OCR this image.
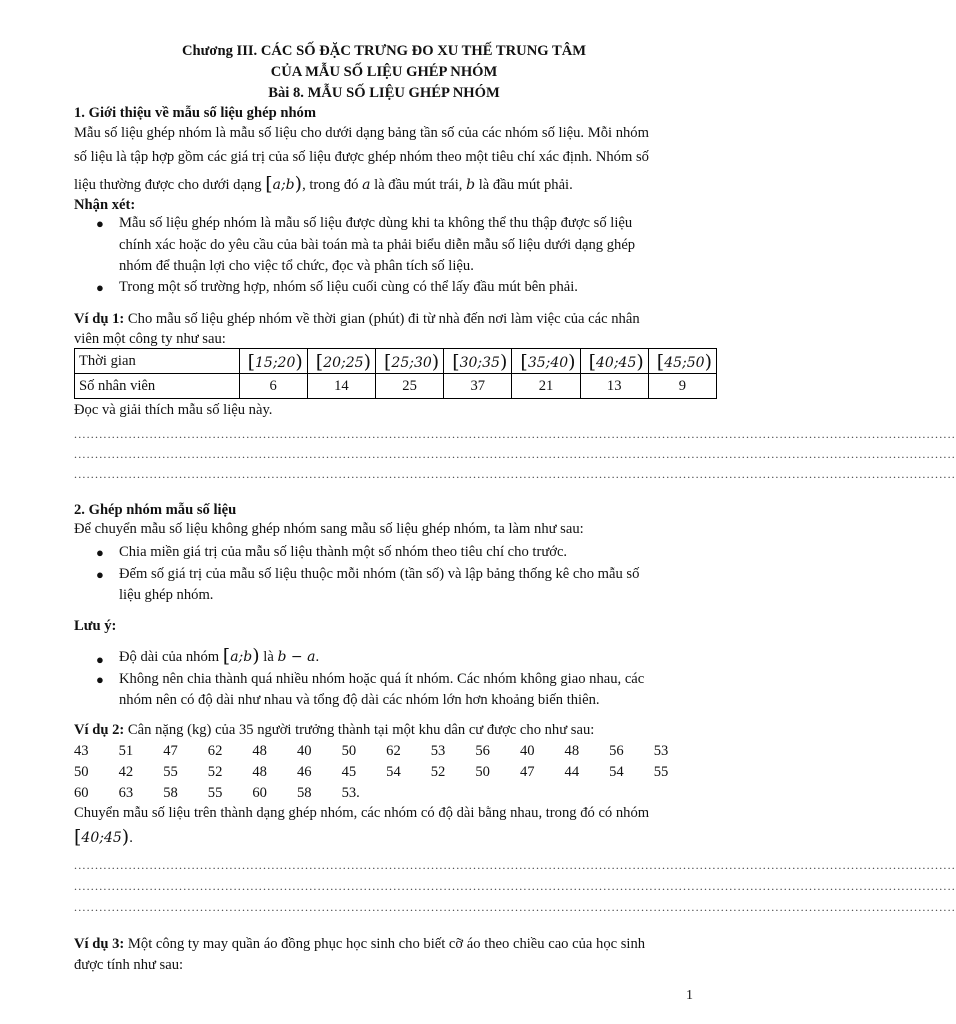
Chương III. CÁC SỐ ĐẶC TRƯNG ĐO XU THẾ TRUNG TÂM
CỦA MẪU SỐ LIỆU GHÉP NHÓM
Bài 8. MẪU SỐ LIỆU GHÉP NHÓM
1. Giới thiệu về mẫu số liệu ghép nhóm
Mẫu số liệu ghép nhóm là mẫu số liệu cho dưới dạng bảng tần số của các nhóm số liệu. Mỗi nhóm
số liệu là tập hợp gồm các giá trị của số liệu được ghép nhóm theo một tiêu chí xác định. Nhóm số
liệu thường được cho dưới dạng [a;b), trong đó a là đầu mút trái, b là đầu mút phải.
Nhận xét:
● Mẫu số liệu ghép nhóm là mẫu số liệu được dùng khi ta không thể thu thập được số liệu
chính xác hoặc do yêu cầu của bài toán mà ta phải biểu diễn mẫu số liệu dưới dạng ghép
nhóm để thuận lợi cho việc tổ chức, đọc và phân tích số liệu.
● Trong một số trường hợp, nhóm số liệu cuối cùng có thể lấy đầu mút bên phải.
Ví dụ 1: Cho mẫu số liệu ghép nhóm về thời gian (phút) đi từ nhà đến nơi làm việc của các nhân
viên một công ty như sau:
Thời gian	[15;20)	[20;25)	[25;30)	[30;35)	[35;40)	[40;45)	[45;50)
Số nhân viên	6	14	25	37	21	13	9
Đọc và giải thích mẫu số liệu này.
..................................................................................................................................................................................................................
..................................................................................................................................................................................................................
..................................................................................................................................................................................................................
2. Ghép nhóm mẫu số liệu
Để chuyển mẫu số liệu không ghép nhóm sang mẫu số liệu ghép nhóm, ta làm như sau:
● Chia miền giá trị của mẫu số liệu thành một số nhóm theo tiêu chí cho trước.
● Đếm số giá trị của mẫu số liệu thuộc mỗi nhóm (tần số) và lập bảng thống kê cho mẫu số
liệu ghép nhóm.
Lưu ý:
● Độ dài của nhóm [a;b) là b − a.
● Không nên chia thành quá nhiều nhóm hoặc quá ít nhóm. Các nhóm không giao nhau, các
nhóm nên có độ dài như nhau và tổng độ dài các nhóm lớn hơn khoảng biến thiên.
Ví dụ 2: Cân nặng (kg) của 35 người trưởng thành tại một khu dân cư được cho như sau:
43 51 47 62 48 40 50 62 53 56 40 48 56 53
50 42 55 52 48 46 45 54 52 50 47 44 54 55
60 63 58 55 60 58 53.
Chuyển mẫu số liệu trên thành dạng ghép nhóm, các nhóm có độ dài bằng nhau, trong đó có nhóm
[40;45).
..................................................................................................................................................................................................................
..................................................................................................................................................................................................................
..................................................................................................................................................................................................................
Ví dụ 3: Một công ty may quần áo đồng phục học sinh cho biết cỡ áo theo chiều cao của học sinh
được tính như sau:
1
